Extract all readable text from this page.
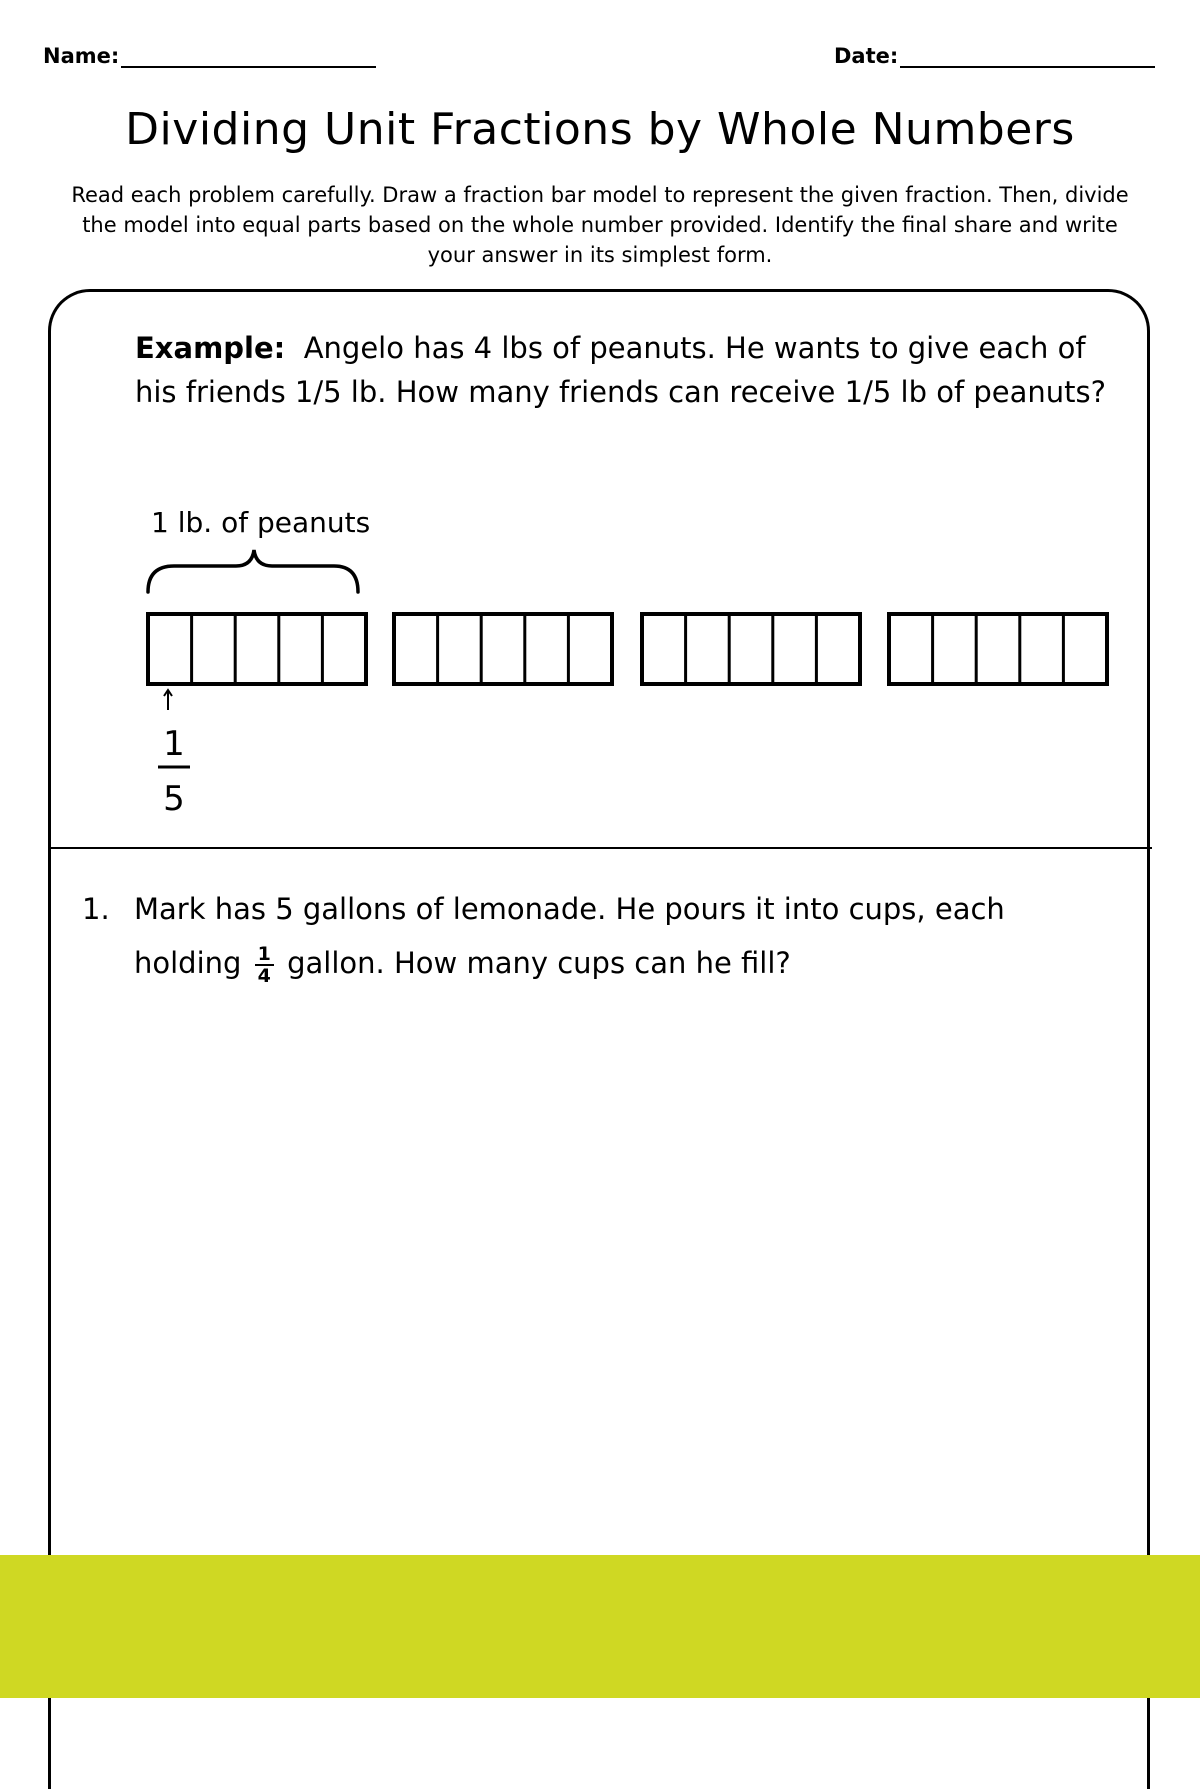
Name:	Date:
Dividing Unit Fractions by Whole Numbers

Read each problem carefully. Draw a fraction bar model to represent the given fraction. Then, divide the model into equal parts based on the whole number provided. Identify the final share and write your answer in its simplest form.

Example: Angelo has 4 lbs of peanuts. He wants to give each of his friends 1/5 lb. How many friends can receive 1/5 lb of peanuts?

1 lb. of peanuts
1
5
1. Mark has 5 gallons of lemonade. He pours it into cups, each holding $\frac{1}{4}$ gallon. How many cups can he fill?
